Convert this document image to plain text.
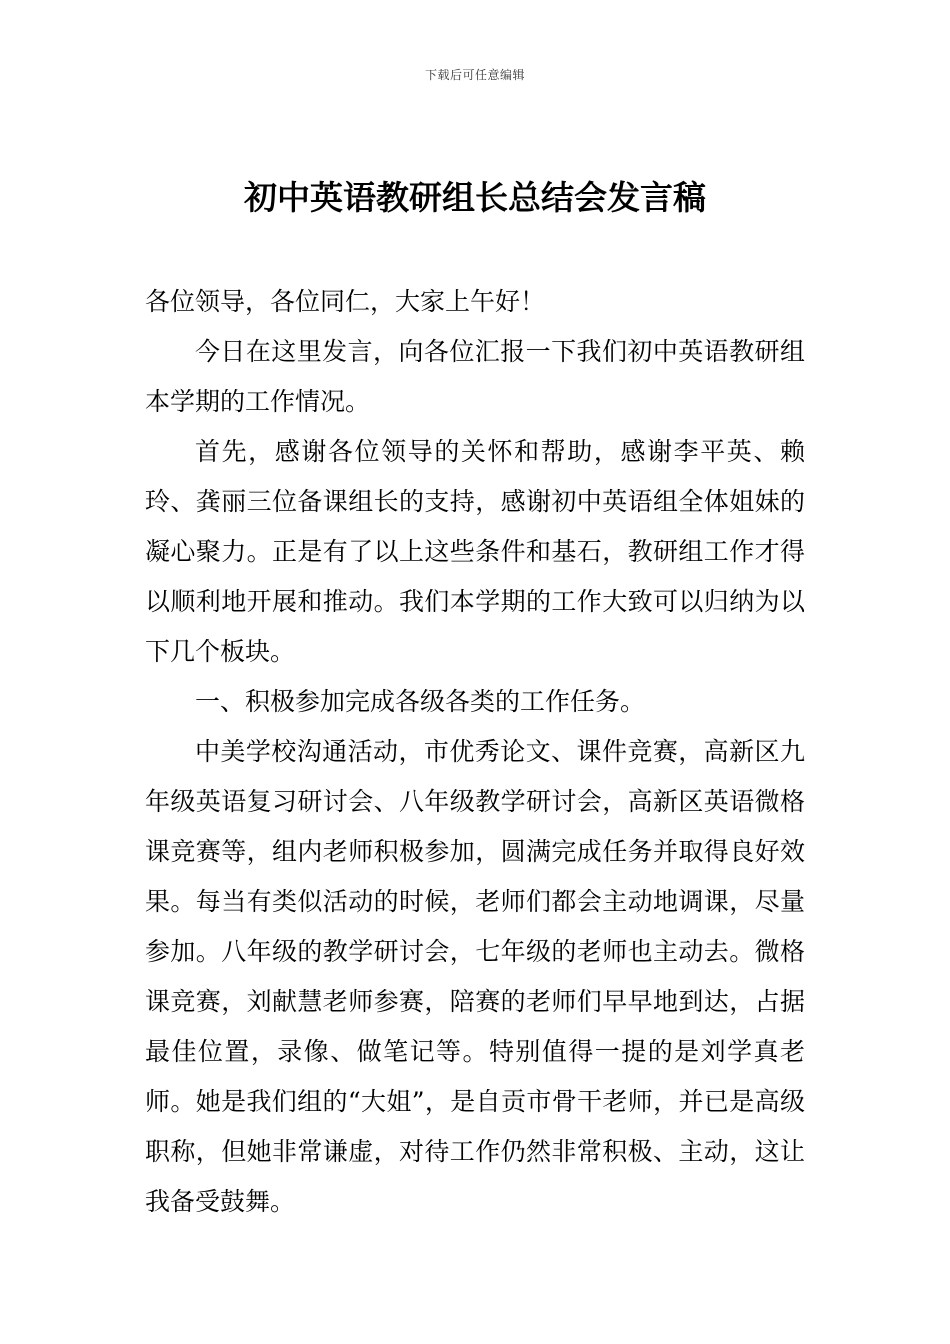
下载后可任意编辑
初中英语教研组长总结会发言稿

各位领导，各位同仁，大家上午好！

今日在这里发言，向各位汇报一下我们初中英语教研组本学期的工作情况。

首先，感谢各位领导的关怀和帮助，感谢李平英、赖玲、龚丽三位备课组长的支持，感谢初中英语组全体姐妹的凝心聚力。正是有了以上这些条件和基石，教研组工作才得以顺利地开展和推动。我们本学期的工作大致可以归纳为以下几个板块。

一、积极参加完成各级各类的工作任务。

中美学校沟通活动，市优秀论文、课件竞赛，高新区九年级英语复习研讨会、八年级教学研讨会，高新区英语微格课竞赛等，组内老师积极参加，圆满完成任务并取得良好效果。每当有类似活动的时候，老师们都会主动地调课，尽量参加。八年级的教学研讨会，七年级的老师也主动去。微格课竞赛，刘献慧老师参赛，陪赛的老师们早早地到达，占据最佳位置，录像、做笔记等。特别值得一提的是刘学真老师。她是我们组的“大姐”，是自贡市骨干老师，并已是高级职称，但她非常谦虚，对待工作仍然非常积极、主动，这让我备受鼓舞。
